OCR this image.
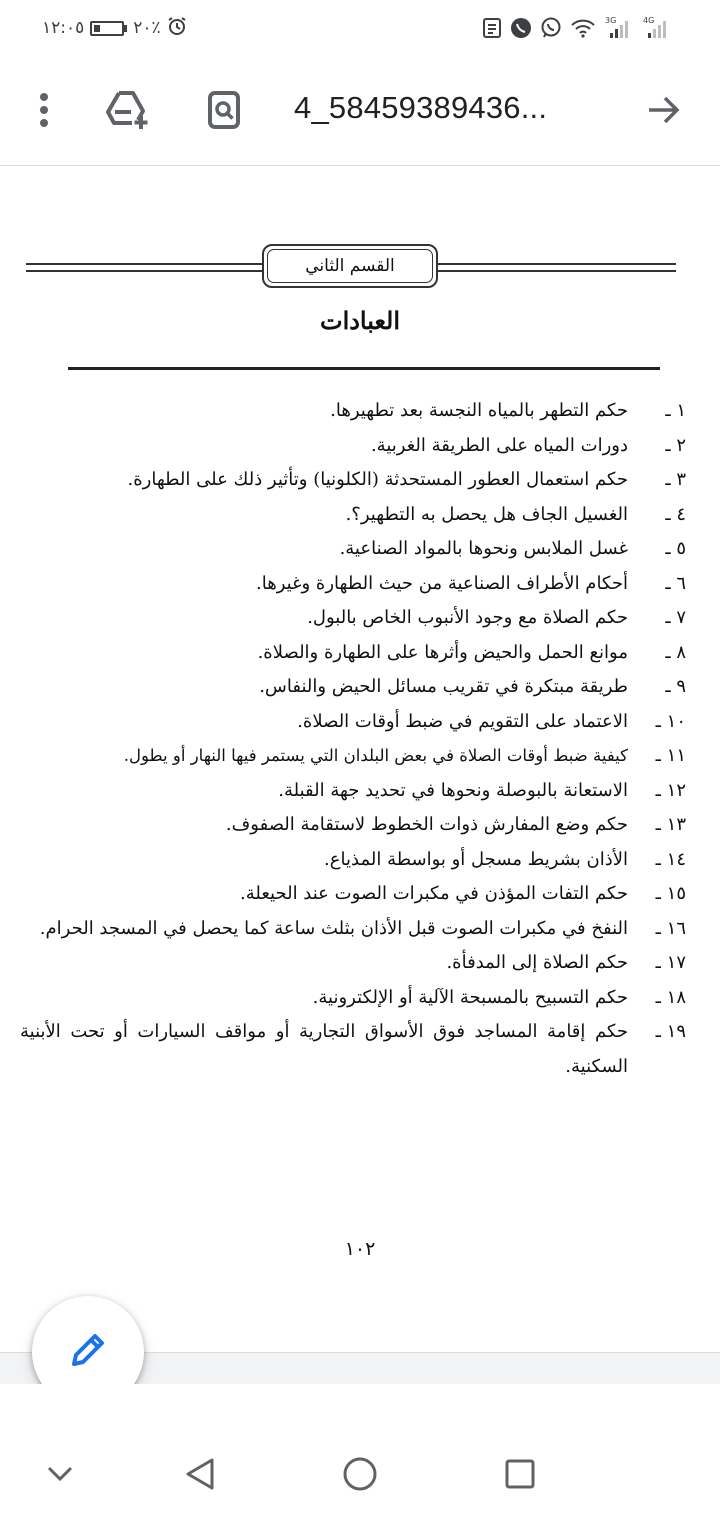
١٢:٠٥	٢٠٪	3G	4G
4_58459389436...
القسم الثاني
العبادات
١ ـ
حكم التطهر بالمياه النجسة بعد تطهيرها.
٢ ـ
دورات المياه على الطريقة الغربية.
٣ ـ
حكم استعمال العطور المستحدثة (الكلونيا) وتأثير ذلك على الطهارة.
٤ ـ
الغسيل الجاف هل يحصل به التطهير؟.
٥ ـ
غسل الملابس ونحوها بالمواد الصناعية.
٦ ـ
أحكام الأطراف الصناعية من حيث الطهارة وغيرها.
٧ ـ
حكم الصلاة مع وجود الأنبوب الخاص بالبول.
٨ ـ
موانع الحمل والحيض وأثرها على الطهارة والصلاة.
٩ ـ
طريقة مبتكرة في تقريب مسائل الحيض والنفاس.
١٠ ـ
الاعتماد على التقويم في ضبط أوقات الصلاة.
١١ ـ
كيفية ضبط أوقات الصلاة في بعض البلدان التي يستمر فيها النهار أو يطول.
١٢ ـ
الاستعانة بالبوصلة ونحوها في تحديد جهة القبلة.
١٣ ـ
حكم وضع المفارش ذوات الخطوط لاستقامة الصفوف.
١٤ ـ
الأذان بشريط مسجل أو بواسطة المذياع.
١٥ ـ
حكم التفات المؤذن في مكبرات الصوت عند الحيعلة.
١٦ ـ
النفخ في مكبرات الصوت قبل الأذان بثلث ساعة كما يحصل في المسجد الحرام.
١٧ ـ
حكم الصلاة إلى المدفأة.
١٨ ـ
حكم التسبيح بالمسبحة الآلية أو الإلكترونية.
١٩ ـ
حكم إقامة المساجد فوق الأسواق التجارية أو مواقف السيارات أو تحت الأبنية السكنية.
١٠٢
